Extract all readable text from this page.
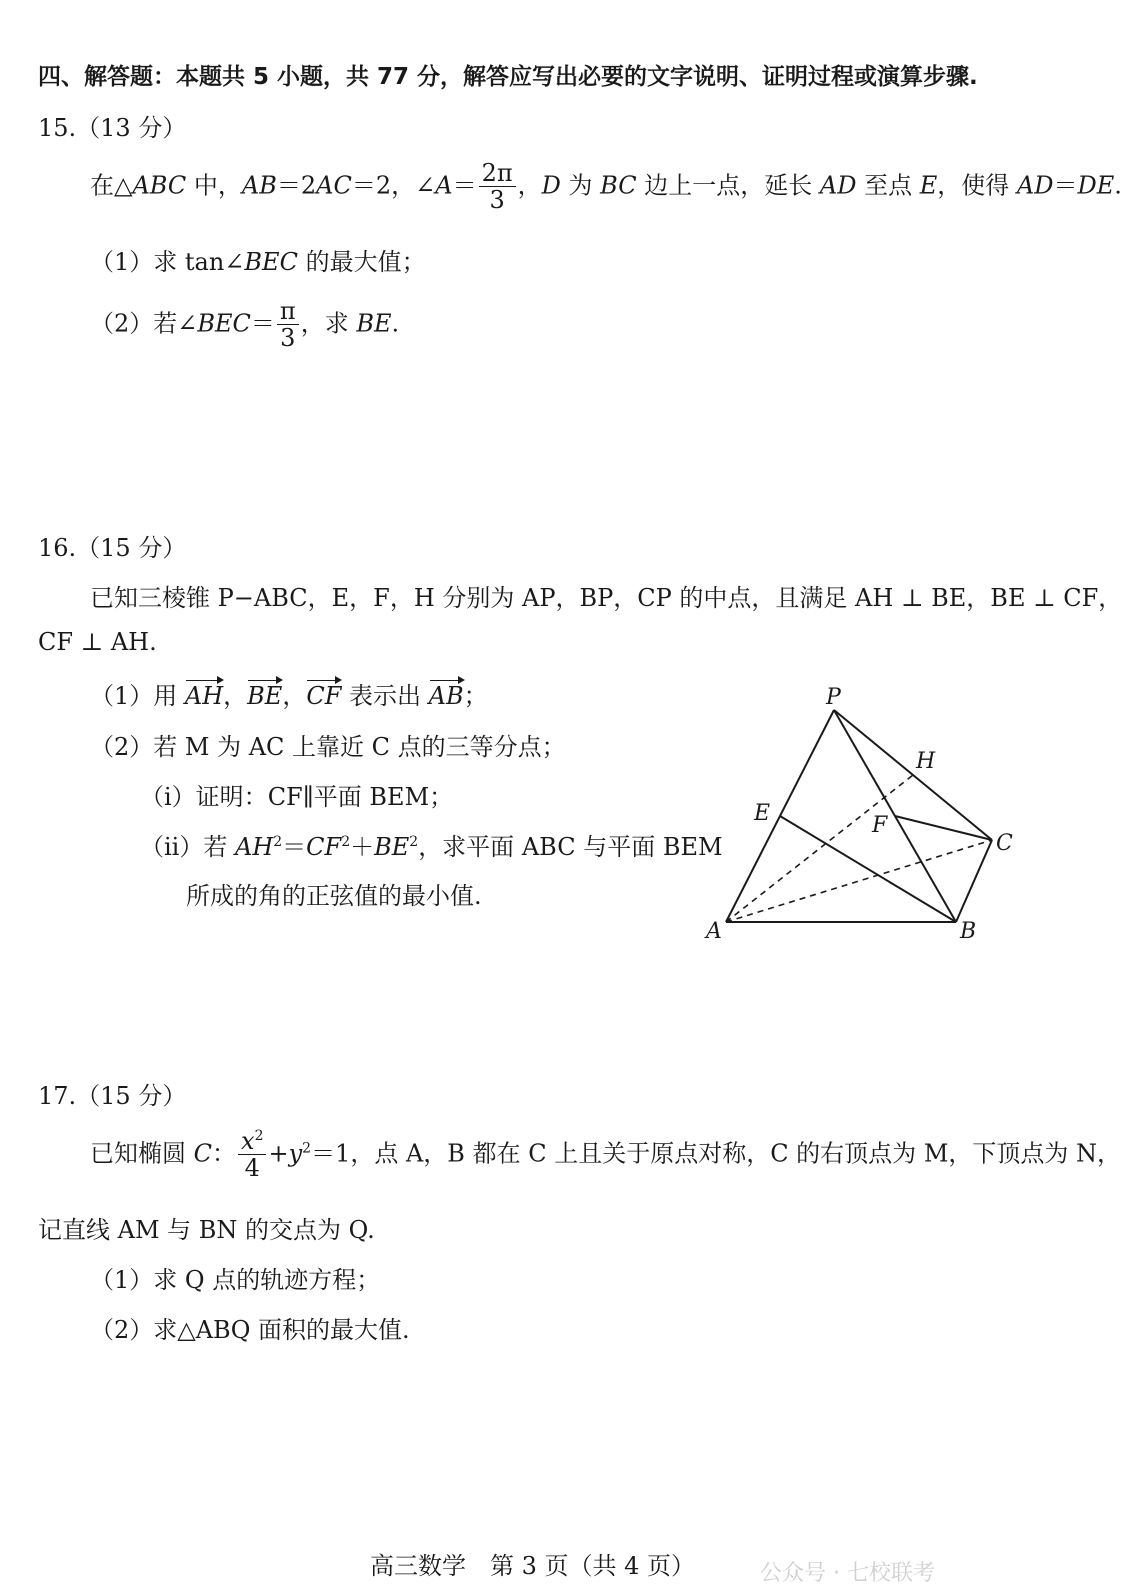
四、解答题：本题共 5 小题，共 77 分，解答应写出必要的文字说明、证明过程或演算步骤.
15.（13 分）
在△ABC 中，AB＝2AC＝2，∠A＝ $\frac{2\pi}{3}$ ，D 为 BC 边上一点，延长 AD 至点 E，使得 AD＝DE.
（1）求 tan∠BEC 的最大值；
（2）若∠BEC＝ $\frac{\pi}{3}$ ，求 BE.
16.（15 分）
已知三棱锥 P−ABC，E，F，H 分别为 AP，BP，CP 的中点，且满足 AH ⊥ BE，BE ⊥ CF，
CF ⊥ AH.
（1）用 AH，BE，CF 表示出 AB；
（2）若 M 为 AC 上靠近 C 点的三等分点；
（i）证明：CF∥平面 BEM；
（ii）若 $AH^2=CF^2+BE^2$，求平面 ABC 与平面 BEM
所成的角的正弦值的最小值.
P
H
E	F
C
A	B
17.（15 分）
已知椭圆 C： $\frac{x^2}{4} +y^2=1$，点 A，B 都在 C 上且关于原点对称，C 的右顶点为 M，下顶点为 N，
记直线 AM 与 BN 的交点为 Q.
（1）求 Q 点的轨迹方程；
（2）求△ABQ 面积的最大值.
高三数学　第 3 页（共 4 页）	公众号 · 七校联考
